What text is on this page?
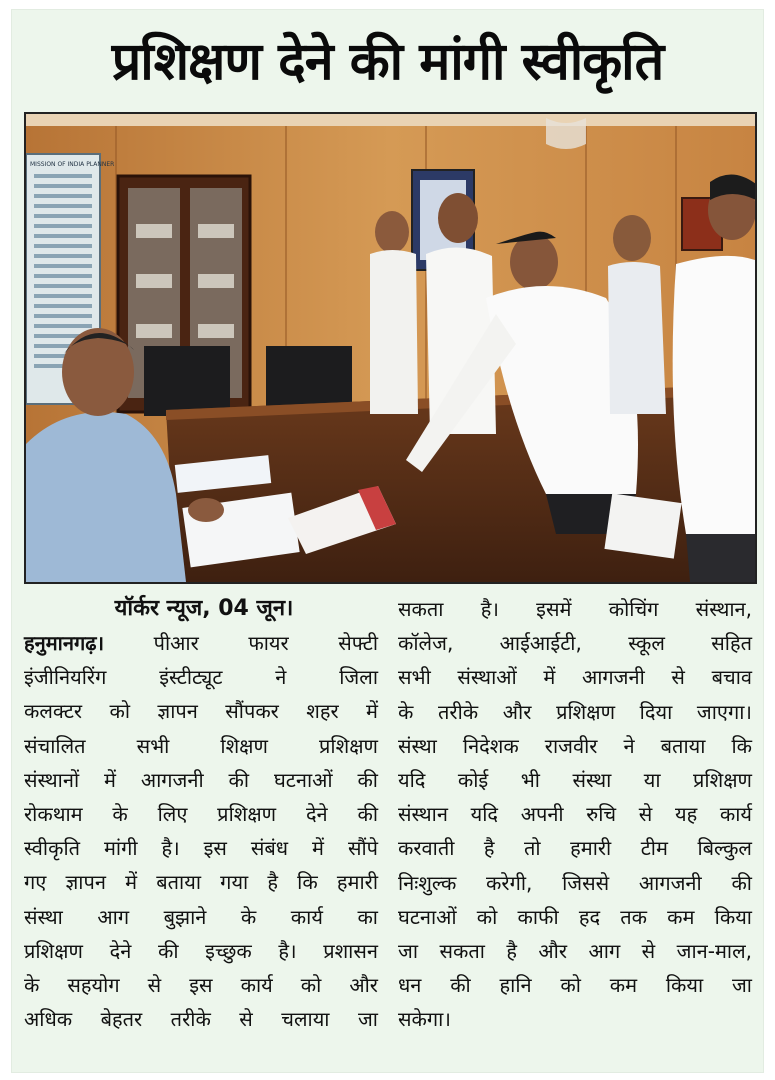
प्रशिक्षण देने की मांगी स्वीकृति
MISSION OF INDIA PLANNER
यॉर्कर न्यूज, 04 जून।
हनुमानगढ़। पीआर फायर सेफ्टी
इंजीनियरिंग इंस्टीट्यूट ने जिला
कलक्टर को ज्ञापन सौंपकर शहर में
संचालित सभी शिक्षण प्रशिक्षण
संस्थानों में आगजनी की घटनाओं की
रोकथाम के लिए प्रशिक्षण देने की
स्वीकृति मांगी है। इस संबंध में सौंपे
गए ज्ञापन में बताया गया है कि हमारी
संस्था आग बुझाने के कार्य का
प्रशिक्षण देने की इच्छुक है। प्रशासन
के सहयोग से इस कार्य को और
अधिक बेहतर तरीके से चलाया जा
सकता है। इसमें कोचिंग संस्थान,
कॉलेज, आईआईटी, स्कूल सहित
सभी संस्थाओं में आगजनी से बचाव
के तरीके और प्रशिक्षण दिया जाएगा।
संस्था निदेशक राजवीर ने बताया कि
यदि कोई भी संस्था या प्रशिक्षण
संस्थान यदि अपनी रुचि से यह कार्य
करवाती है तो हमारी टीम बिल्कुल
निःशुल्क करेगी, जिससे आगजनी की
घटनाओं को काफी हद तक कम किया
जा सकता है और आग से जान-माल,
धन की हानि को कम किया जा
सकेगा।
